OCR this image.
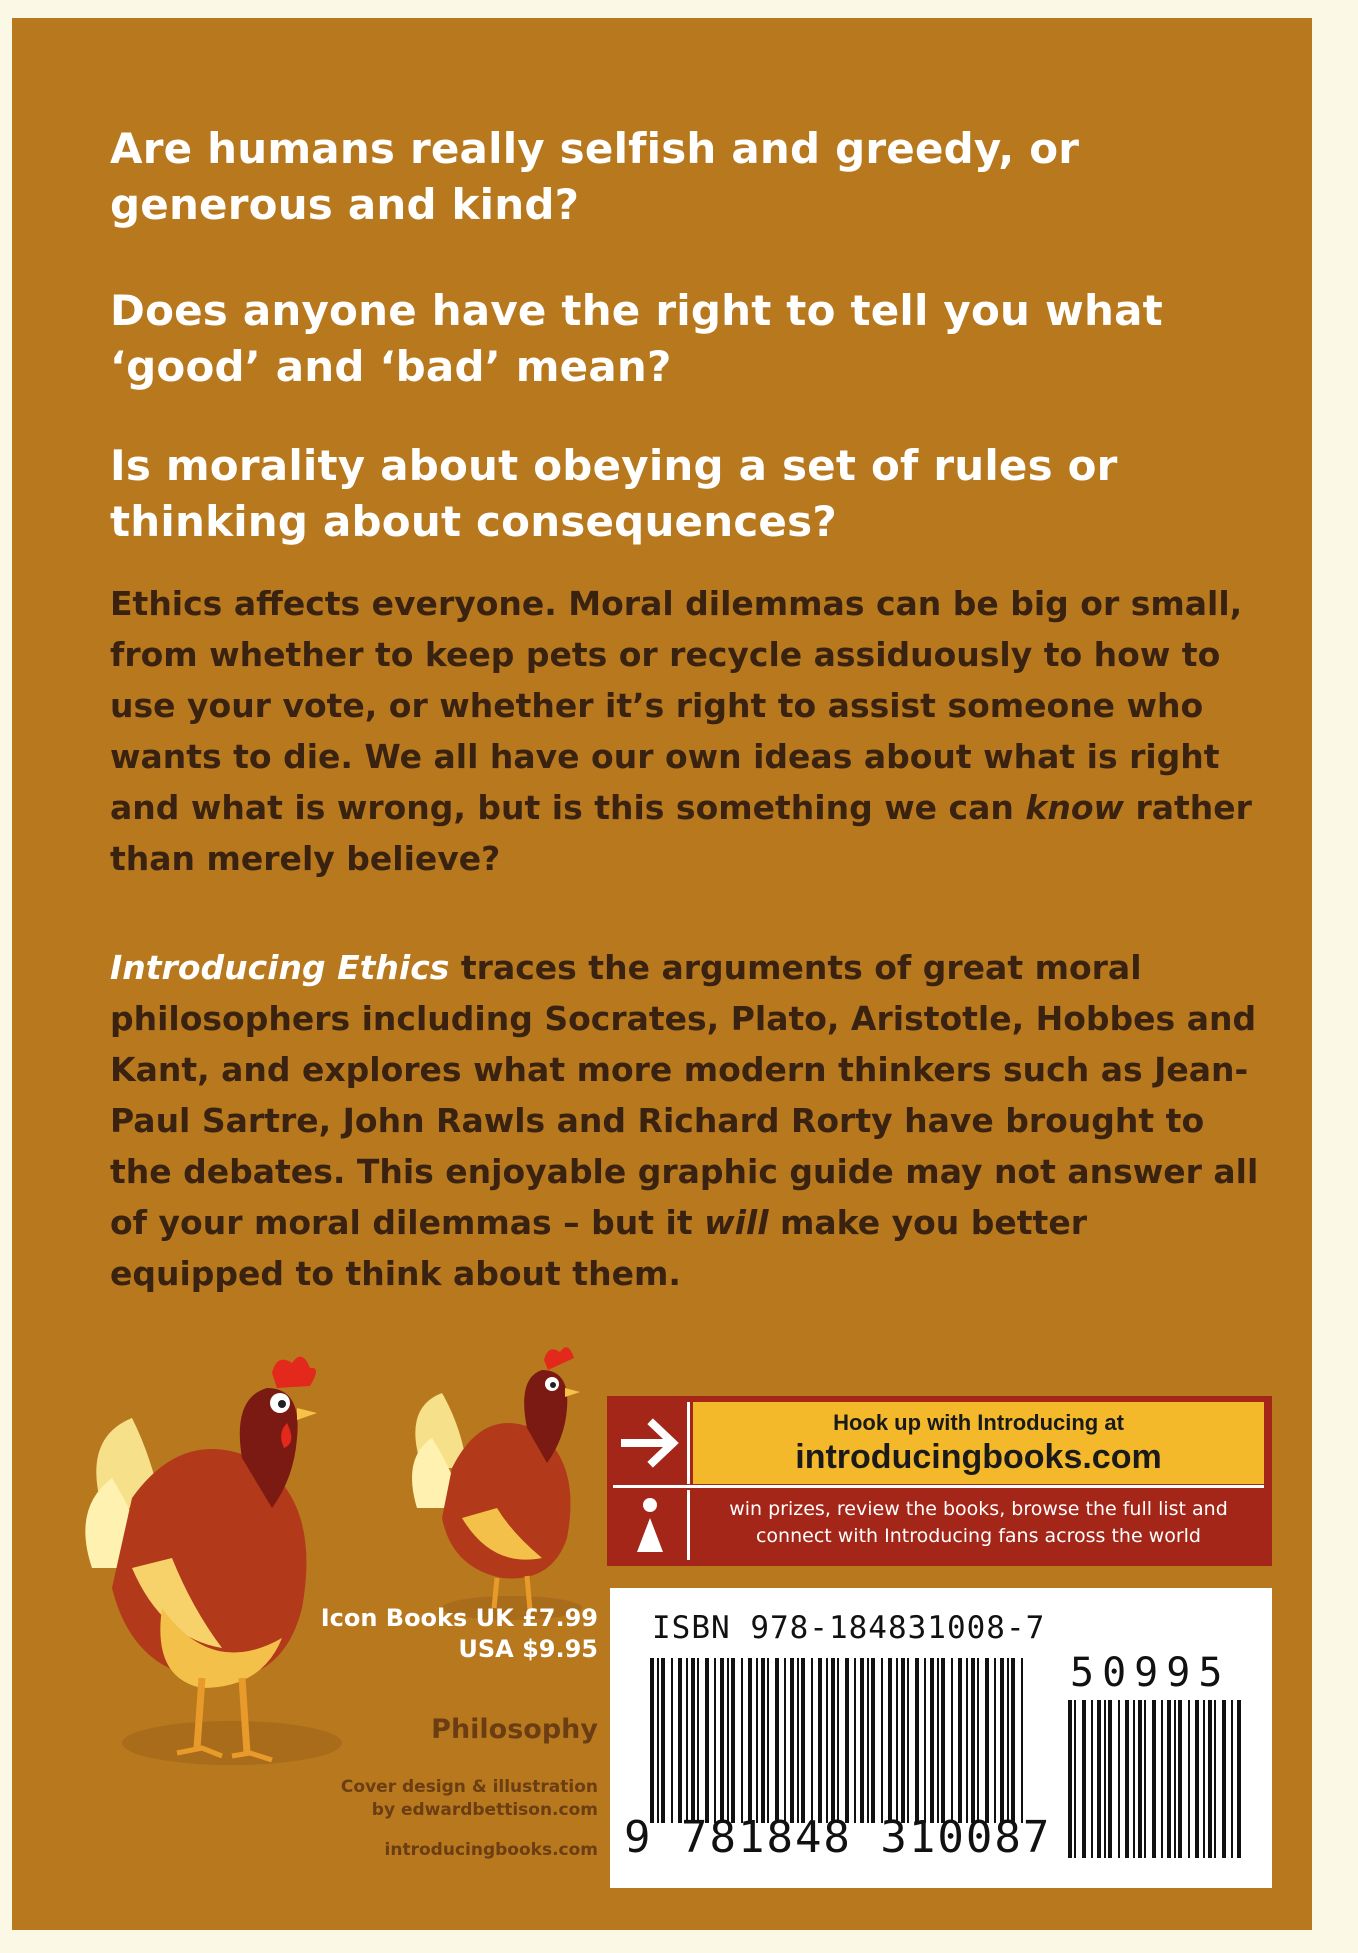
Are humans really selfish and greedy, or
generous and kind?
Does anyone have the right to tell you what
‘good’ and ‘bad’ mean?
Is morality about obeying a set of rules or
thinking about consequences?
Ethics affects everyone. Moral dilemmas can be big or small, from whether to keep pets or recycle assiduously to how to use your vote, or whether it’s right to assist someone who wants to die. We all have our own ideas about what is right and what is wrong, but is this something we can know rather than merely believe?
Introducing Ethics traces the arguments of great moral philosophers including Socrates, Plato, Aristotle, Hobbes and Kant, and explores what more modern thinkers such as Jean-Paul Sartre, John Rawls and Richard Rorty have brought to the debates. This enjoyable graphic guide may not answer all of your moral dilemmas – but it will make you better equipped to think about them.
Icon Books UK £7.99
USA $9.95
Philosophy
Cover design & illustration
by edwardbettison.com
introducingbooks.com
Hook up with Introducing at
introducingbooks.com
win prizes, review the books, browse the full list and
connect with Introducing fans across the world
ISBN 978-184831008-7
50995
9 781848 310087
